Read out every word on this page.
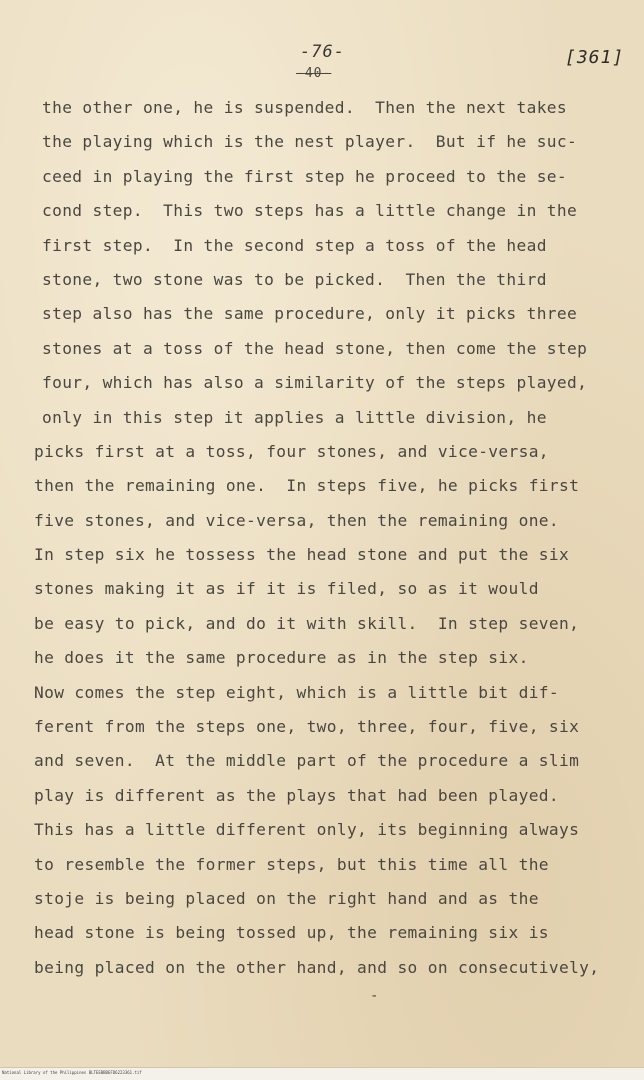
-76-
-40-
[361]
the other one, he is suspended.  Then the next takes
the playing which is the nest player.  But if he suc-
ceed in playing the first step he proceed to the se-
cond step.  This two steps has a little change in the
first step.  In the second step a toss of the head
stone, two stone was to be picked.  Then the third
step also has the same procedure, only it picks three
stones at a toss of the head stone, then come the step
four, which has also a similarity of the steps played,
only in this step it applies a little division, he
picks first at a toss, four stones, and vice-versa,
then the remaining one.  In steps five, he picks first
five stones, and vice-versa, then the remaining one.
In step six he tossess the head stone and put the six
stones making it as if it is filed, so as it would
be easy to pick, and do it with skill.  In step seven,
he does it the same procedure as in the step six.
Now comes the step eight, which is a little bit dif-
ferent from the steps one, two, three, four, five, six
and seven.  At the middle part of the procedure a slim
play is different as the plays that had been played.
This has a little different only, its beginning always
to resemble the former steps, but this time all the
stoje is being placed on the right hand and as the
head stone is being tossed up, the remaining six is
being placed on the other hand, and so on consecutively,
-
National Library of the Philippines BLTEEBBBEFD6223361.tif
